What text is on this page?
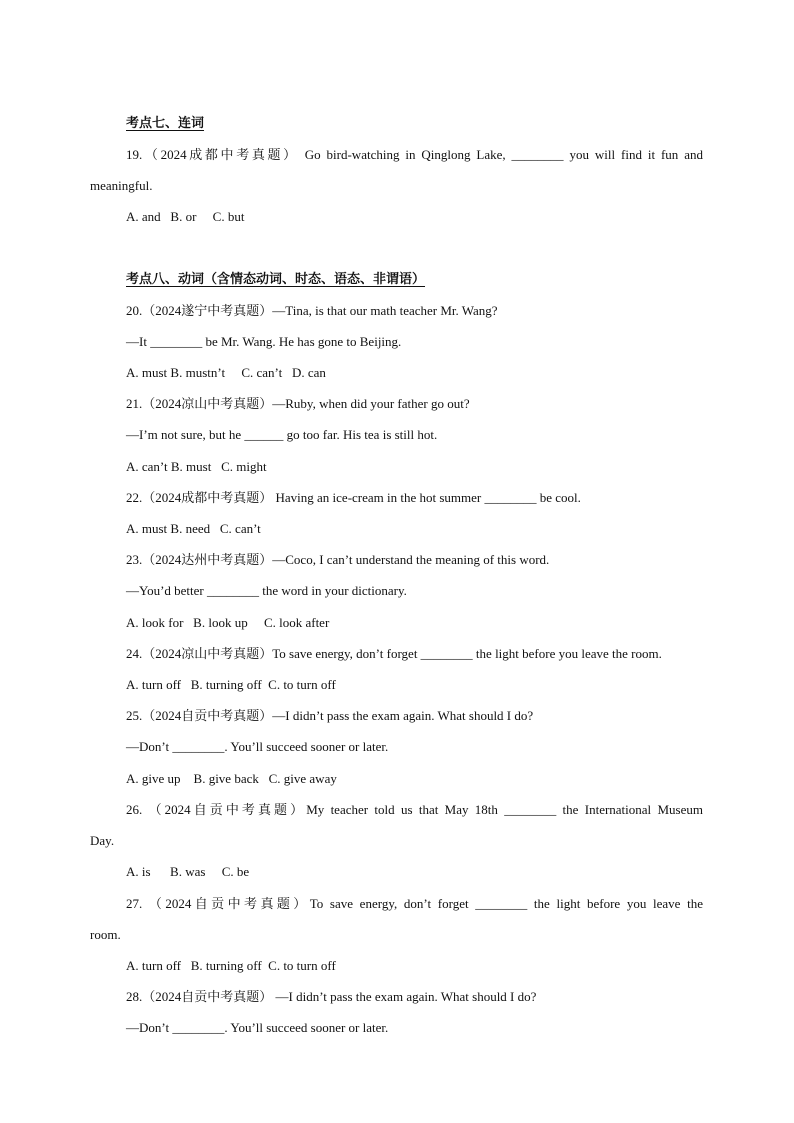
考点七、连词
19.（2024成都中考真题） Go bird-watching in Qinglong Lake, ________ you will find it fun and
meaningful.
A. and   B. or     C. but
考点八、动词（含情态动词、时态、语态、非谓语）
20.（2024遂宁中考真题）—Tina, is that our math teacher Mr. Wang?
—It ________ be Mr. Wang. He has gone to Beijing.
A. must B. mustn’t     C. can’t   D. can
21.（2024凉山中考真题）—Ruby, when did your father go out?
—I’m not sure, but he ______ go too far. His tea is still hot.
A. can’t B. must   C. might
22.（2024成都中考真题） Having an ice-cream in the hot summer ________ be cool.
A. must B. need   C. can’t
23.（2024达州中考真题）—Coco, I can’t understand the meaning of this word.
—You’d better ________ the word in your dictionary.
A. look for   B. look up     C. look after
24.（2024凉山中考真题）To save energy, don’t forget ________ the light before you leave the room.
A. turn off   B. turning off  C. to turn off
25.（2024自贡中考真题）—I didn’t pass the exam again. What should I do?
—Don’t ________. You’ll succeed sooner or later.
A. give up    B. give back   C. give away
26. （2024自贡中考真题）My teacher told us that May 18th ________ the International Museum
Day.
A. is      B. was     C. be
27. （2024自贡中考真题）To save energy, don’t forget ________ the light before you leave the
room.
A. turn off   B. turning off  C. to turn off
28.（2024自贡中考真题） —I didn’t pass the exam again. What should I do?
—Don’t ________. You’ll succeed sooner or later.
